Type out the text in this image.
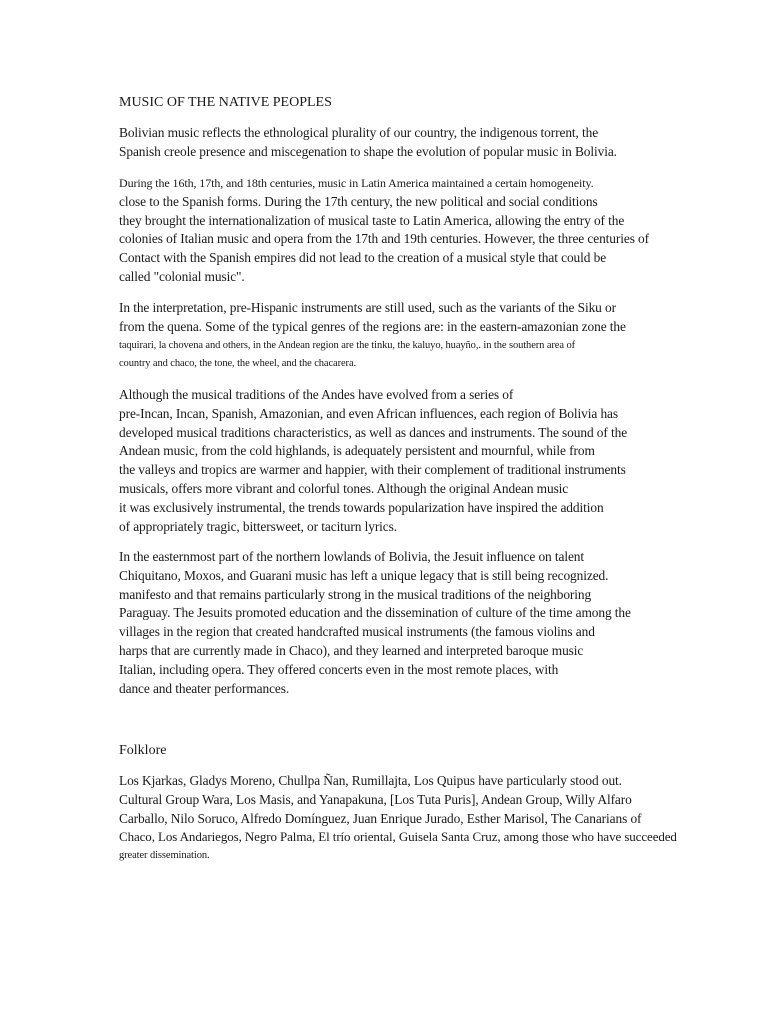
MUSIC OF THE NATIVE PEOPLES
Bolivian music reflects the ethnological plurality of our country, the indigenous torrent, the
Spanish creole presence and miscegenation to shape the evolution of popular music in Bolivia.
During the 16th, 17th, and 18th centuries, music in Latin America maintained a certain homogeneity.
close to the Spanish forms. During the 17th century, the new political and social conditions
they brought the internationalization of musical taste to Latin America, allowing the entry of the
colonies of Italian music and opera from the 17th and 19th centuries. However, the three centuries of
Contact with the Spanish empires did not lead to the creation of a musical style that could be
called "colonial music".
In the interpretation, pre-Hispanic instruments are still used, such as the variants of the Siku or
from the quena. Some of the typical genres of the regions are: in the eastern-amazonian zone the
taquirari, la chovena and others, in the Andean region are the tinku, the kaluyo, huayño,. in the southern area of
country and chaco, the tone, the wheel, and the chacarera.
Although the musical traditions of the Andes have evolved from a series of
pre-Incan, Incan, Spanish, Amazonian, and even African influences, each region of Bolivia has
developed musical traditions characteristics, as well as dances and instruments. The sound of the
Andean music, from the cold highlands, is adequately persistent and mournful, while from
the valleys and tropics are warmer and happier, with their complement of traditional instruments
musicals, offers more vibrant and colorful tones. Although the original Andean music
it was exclusively instrumental, the trends towards popularization have inspired the addition
of appropriately tragic, bittersweet, or taciturn lyrics.
In the easternmost part of the northern lowlands of Bolivia, the Jesuit influence on talent
Chiquitano, Moxos, and Guarani music has left a unique legacy that is still being recognized.
manifesto and that remains particularly strong in the musical traditions of the neighboring
Paraguay. The Jesuits promoted education and the dissemination of culture of the time among the
villages in the region that created handcrafted musical instruments (the famous violins and
harps that are currently made in Chaco), and they learned and interpreted baroque music
Italian, including opera. They offered concerts even in the most remote places, with
dance and theater performances.
Folklore
Los Kjarkas, Gladys Moreno, Chullpa Ñan, Rumillajta, Los Quipus have particularly stood out.
Cultural Group Wara, Los Masis, and Yanapakuna, [Los Tuta Puris], Andean Group, Willy Alfaro
Carballo, Nilo Soruco, Alfredo Domínguez, Juan Enrique Jurado, Esther Marisol, The Canarians of
Chaco, Los Andariegos, Negro Palma, El trío oriental, Guisela Santa Cruz, among those who have succeeded
greater dissemination.
